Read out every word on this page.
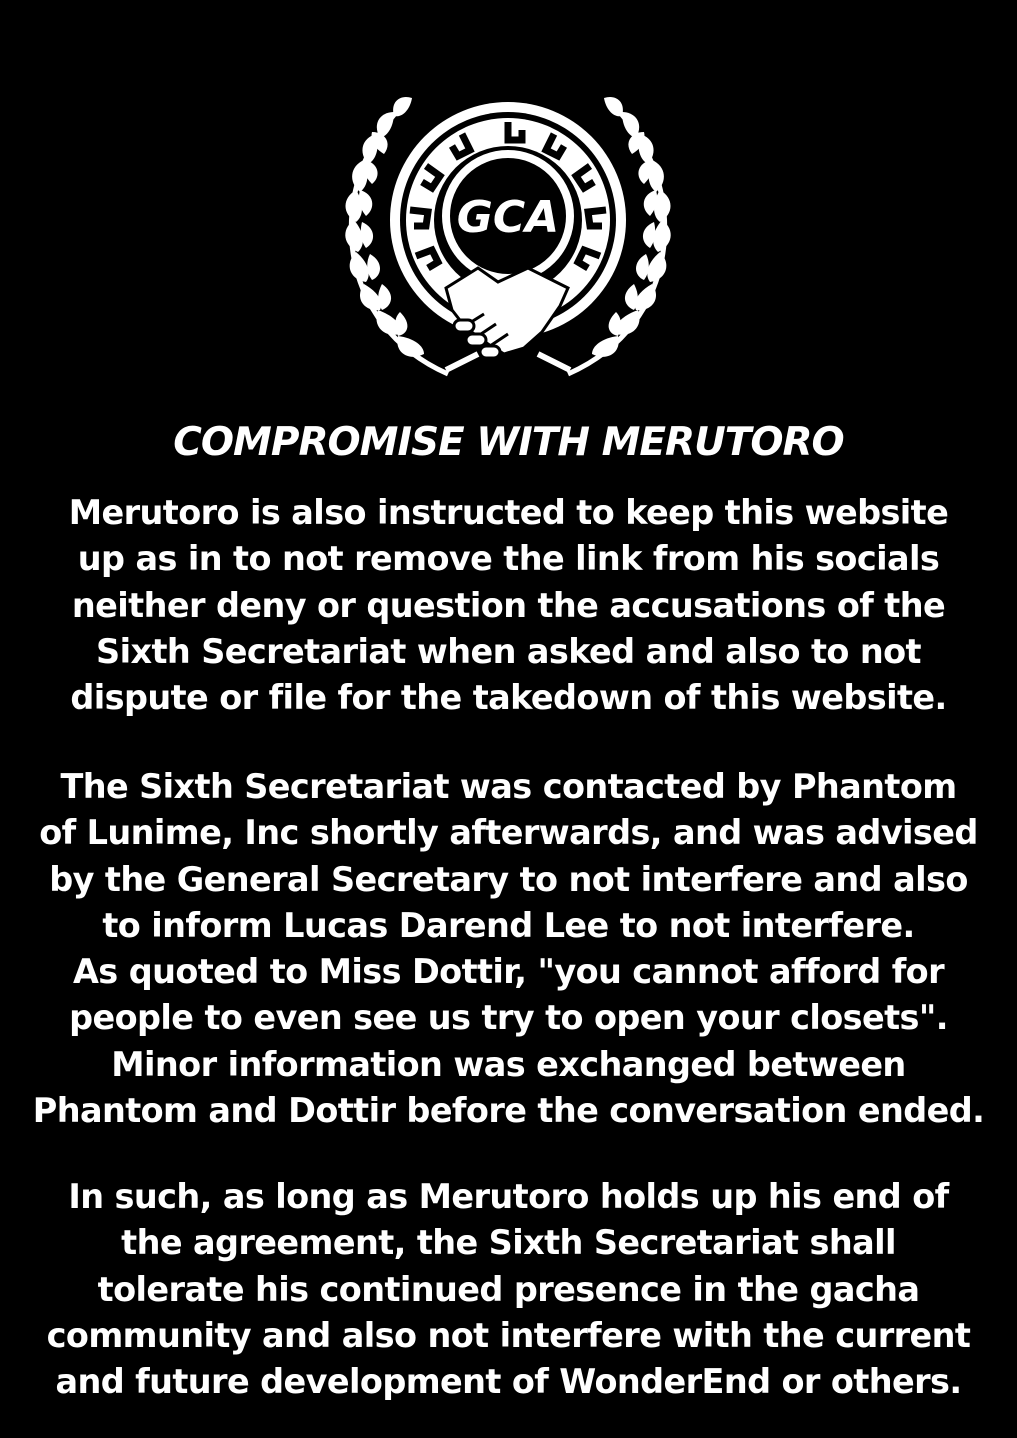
GCA
COMPROMISE WITH MERUTORO

Merutoro is also instructed to keep this website
up as in to not remove the link from his socials
neither deny or question the accusations of the
Sixth Secretariat when asked and also to not
dispute or file for the takedown of this website.

The Sixth Secretariat was contacted by Phantom
of Lunime, Inc shortly afterwards, and was advised
by the General Secretary to not interfere and also
to inform Lucas Darend Lee to not interfere.
As quoted to Miss Dottir, "you cannot afford for
people to even see us try to open your closets".
Minor information was exchanged between
Phantom and Dottir before the conversation ended.

In such, as long as Merutoro holds up his end of
the agreement, the Sixth Secretariat shall
tolerate his continued presence in the gacha
community and also not interfere with the current
and future development of WonderEnd or others.
